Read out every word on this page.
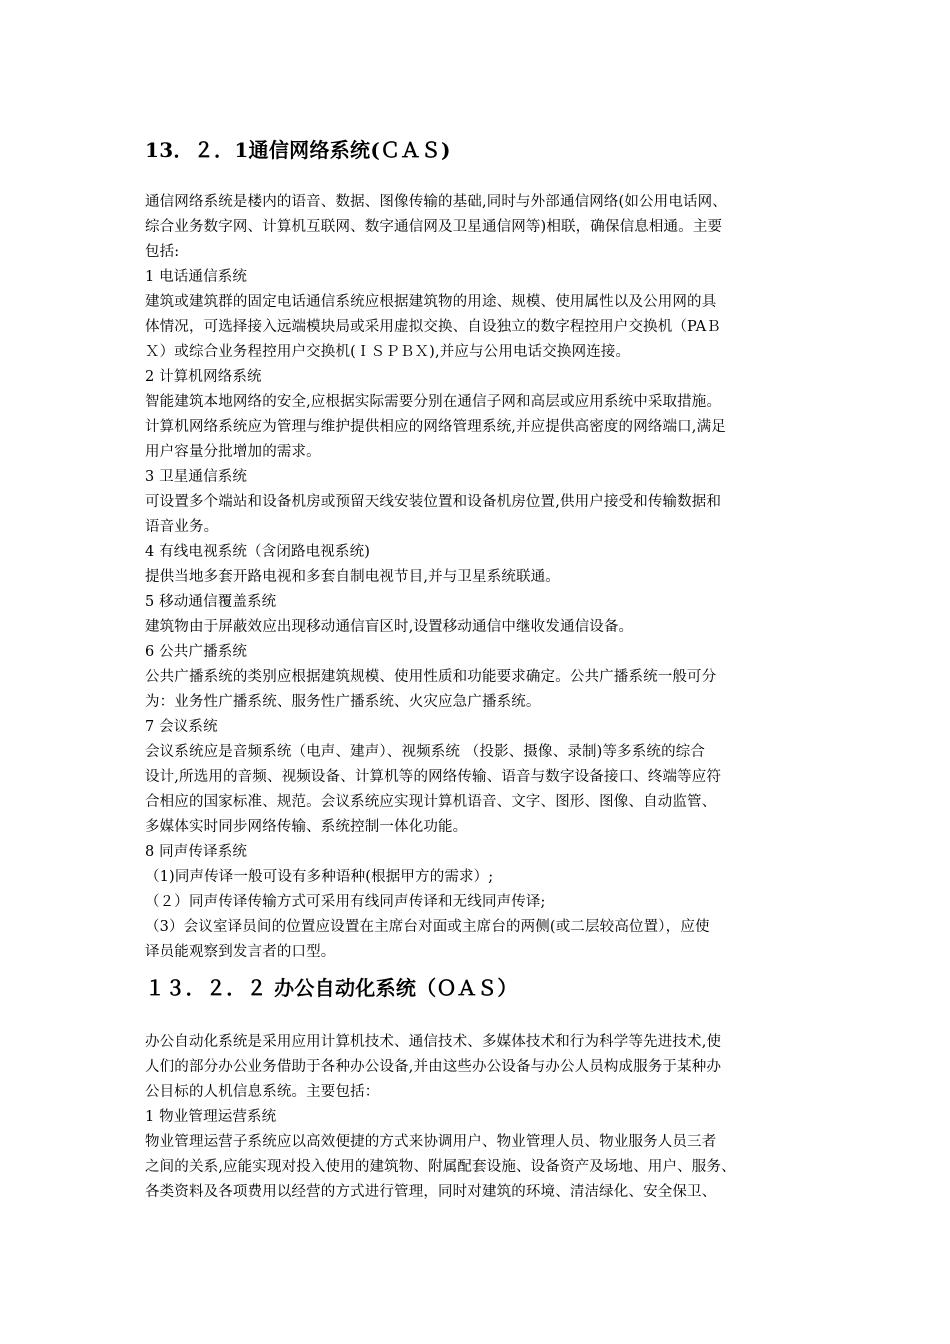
13．２．1通信网络系统(ＣＡＳ)
通信网络系统是楼内的语音、数据、图像传输的基础,同时与外部通信网络(如公用电话网、
综合业务数字网、计算机互联网、数字通信网及卫星通信网等)相联，确保信息相通。主要
包括:
1 电话通信系统
建筑或建筑群的固定电话通信系统应根据建筑物的用途、规模、使用属性以及公用网的具
体情况，可选择接入远端模块局或采用虚拟交换、自设独立的数字程控用户交换机（PAＢ
Ｘ）或综合业务程控用户交换机(ＩＳＰＢＸ),并应与公用电话交换网连接。
2 计算机网络系统
智能建筑本地网络的安全,应根据实际需要分别在通信子网和高层或应用系统中采取措施。
计算机网络系统应为管理与维护提供相应的网络管理系统,并应提供高密度的网络端口,满足
用户容量分批增加的需求。
3 卫星通信系统
可设置多个端站和设备机房或预留天线安装位置和设备机房位置,供用户接受和传输数据和
语音业务。
4 有线电视系统（含闭路电视系统)
提供当地多套开路电视和多套自制电视节目,并与卫星系统联通。
5 移动通信覆盖系统
建筑物由于屏蔽效应出现移动通信盲区时,设置移动通信中继收发通信设备。
6 公共广播系统
公共广播系统的类别应根据建筑规模、使用性质和功能要求确定。公共广播系统一般可分
为：业务性广播系统、服务性广播系统、火灾应急广播系统。
7 会议系统
会议系统应是音频系统（电声、建声）、视频系统 （投影、摄像、录制)等多系统的综合
设计,所选用的音频、视频设备、计算机等的网络传输、语音与数字设备接口、终端等应符
合相应的国家标准、规范。会议系统应实现计算机语音、文字、图形、图像、自动监管、
多媒体实时同步网络传输、系统控制一体化功能。
8 同声传译系统
（1)同声传译一般可设有多种语种(根据甲方的需求）;
（２）同声传译传输方式可采用有线同声传译和无线同声传译;
（3）会议室译员间的位置应设置在主席台对面或主席台的两侧(或二层较高位置），应使
译员能观察到发言者的口型。
１３．２．２ 办公自动化系统（ＯＡＳ）
办公自动化系统是采用应用计算机技术、通信技术、多媒体技术和行为科学等先进技术,使
人们的部分办公业务借助于各种办公设备,并由这些办公设备与办公人员构成服务于某种办
公目标的人机信息系统。主要包括：
1 物业管理运营系统
物业管理运营子系统应以高效便捷的方式来协调用户、物业管理人员、物业服务人员三者
之间的关系,应能实现对投入使用的建筑物、附属配套设施、设备资产及场地、用户、服务、
各类资料及各项费用以经营的方式进行管理，同时对建筑的环境、清洁绿化、安全保卫、
